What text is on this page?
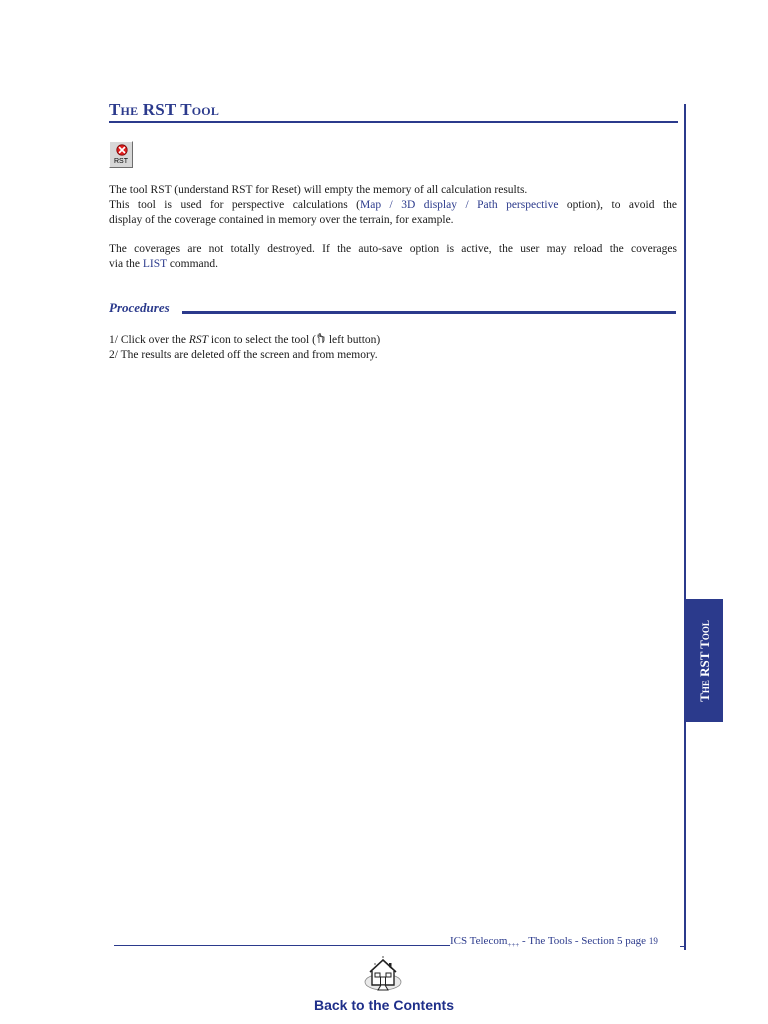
The RST Tool
The RST Tool
RST
The tool RST (understand RST for Reset) will empty the memory of all calculation results.
This tool is used for perspective calculations (Map / 3D display / Path perspective option), to avoid the
display of the coverage contained in memory over the terrain, for example.
The coverages are not totally destroyed. If the auto-save option is active, the user may reload the coverages
via the LIST command.
Procedures
1/ Click over the RST icon to select the tool ( left button)
2/ The results are deleted off the screen and from memory.
ICS Telecom$_{+++}$ - The Tools - Section 5 page 19
Back to the Contents
